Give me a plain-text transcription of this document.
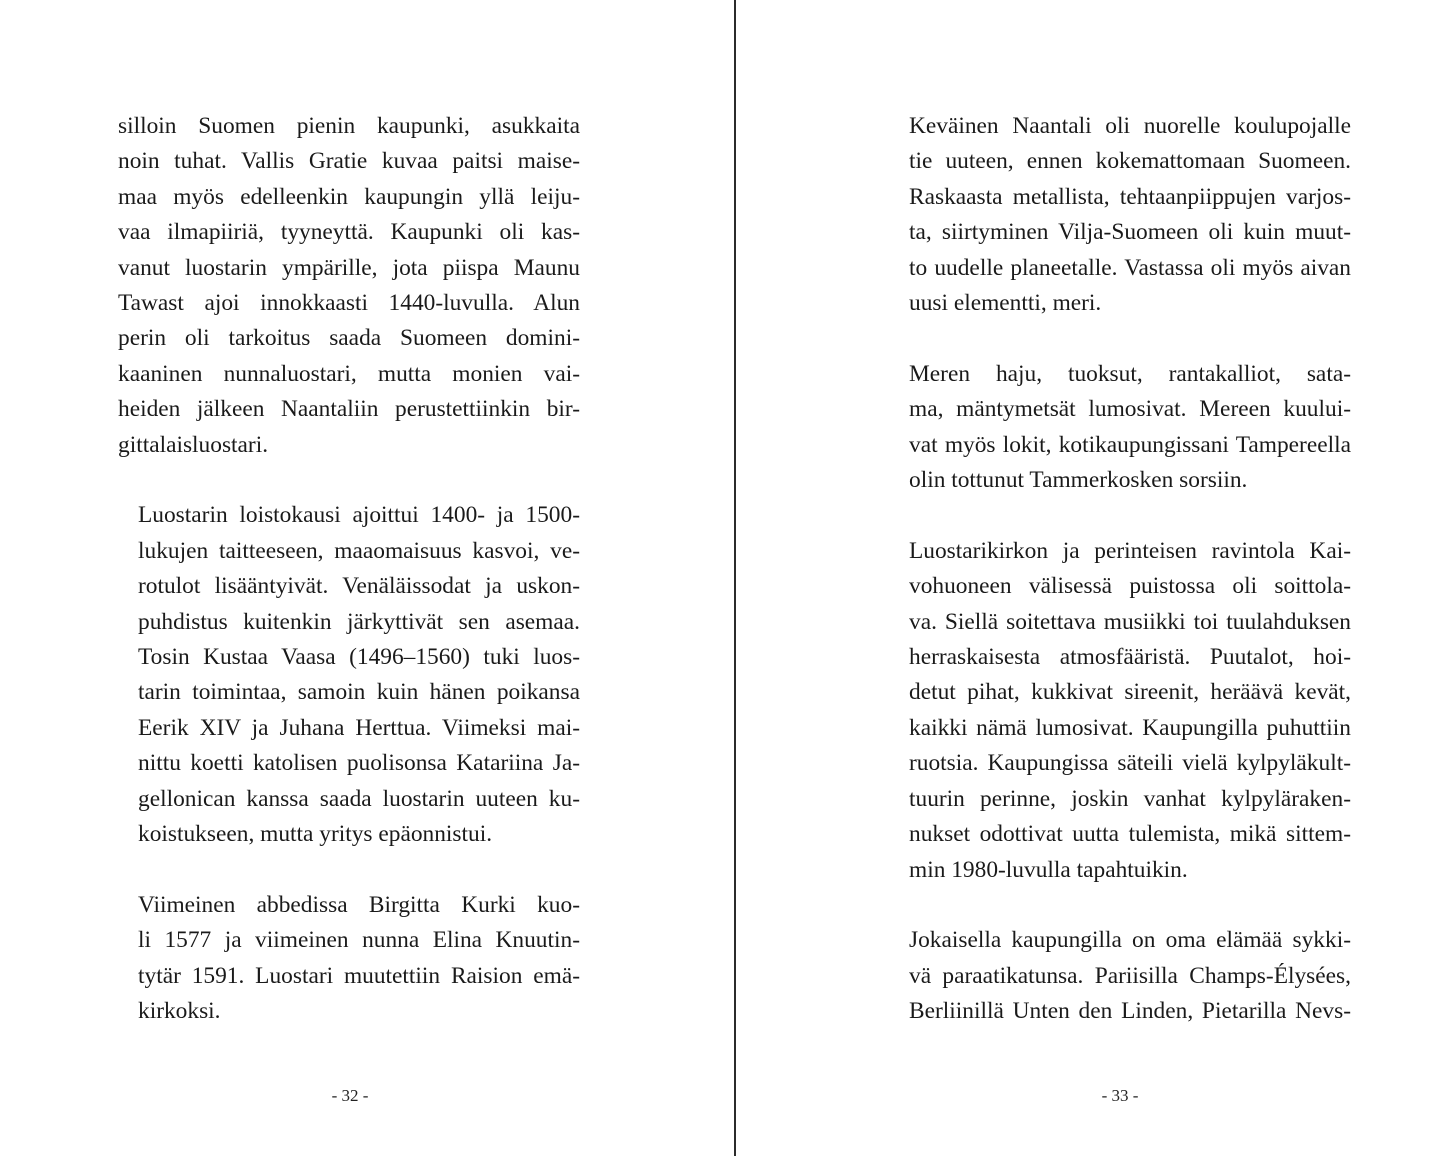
silloin Suomen pienin kaupunki, asukkaita
noin tuhat. Vallis Gratie kuvaa paitsi maise-
maa myös edelleenkin kaupungin yllä leiju-
vaa ilmapiiriä, tyyneyttä. Kaupunki oli kas-
vanut luostarin ympärille, jota piispa Maunu
Tawast ajoi innokkaasti 1440-luvulla. Alun
perin oli tarkoitus saada Suomeen domini-
kaaninen nunnaluostari, mutta monien vai-
heiden jälkeen Naantaliin perustettiinkin bir-
gittalaisluostari.

Luostarin loistokausi ajoittui 1400- ja 1500-
lukujen taitteeseen, maaomaisuus kasvoi, ve-
rotulot lisääntyivät. Venäläissodat ja uskon-
puhdistus kuitenkin järkyttivät sen asemaa.
Tosin Kustaa Vaasa (1496–1560) tuki luos-
tarin toimintaa, samoin kuin hänen poikansa
Eerik XIV ja Juhana Herttua. Viimeksi mai-
nittu koetti katolisen puolisonsa Katariina Ja-
gellonican kanssa saada luostarin uuteen ku-
koistukseen, mutta yritys epäonnistui.

Viimeinen abbedissa Birgitta Kurki kuo-
li 1577 ja viimeinen nunna Elina Knuutin-
tytär 1591. Luostari muutettiin Raision emä-
kirkoksi.

- 32 -

Keväinen Naantali oli nuorelle koulupojalle
tie uuteen, ennen kokemattomaan Suomeen.
Raskaasta metallista, tehtaanpiippujen varjos-
ta, siirtyminen Vilja-Suomeen oli kuin muut-
to uudelle planeetalle. Vastassa oli myös aivan
uusi elementti, meri.

Meren haju, tuoksut, rantakalliot, sata-
ma, mäntymetsät lumosivat. Mereen kuului-
vat myös lokit, kotikaupungissani Tampereella
olin tottunut Tammerkosken sorsiin.

Luostarikirkon ja perinteisen ravintola Kai-
vohuoneen välisessä puistossa oli soittola-
va. Siellä soitettava musiikki toi tuulahduksen
herraskaisesta atmosfääristä. Puutalot, hoi-
detut pihat, kukkivat sireenit, heräävä kevät,
kaikki nämä lumosivat. Kaupungilla puhuttiin
ruotsia. Kaupungissa säteili vielä kylpyläkult-
tuurin perinne, joskin vanhat kylpyläraken-
nukset odottivat uutta tulemista, mikä sittem-
min 1980-luvulla tapahtuikin.

Jokaisella kaupungilla on oma elämää sykki-
vä paraatikatunsa. Pariisilla Champs-Élysées,
Berliinillä Unten den Linden, Pietarilla Nevs-

- 33 -
